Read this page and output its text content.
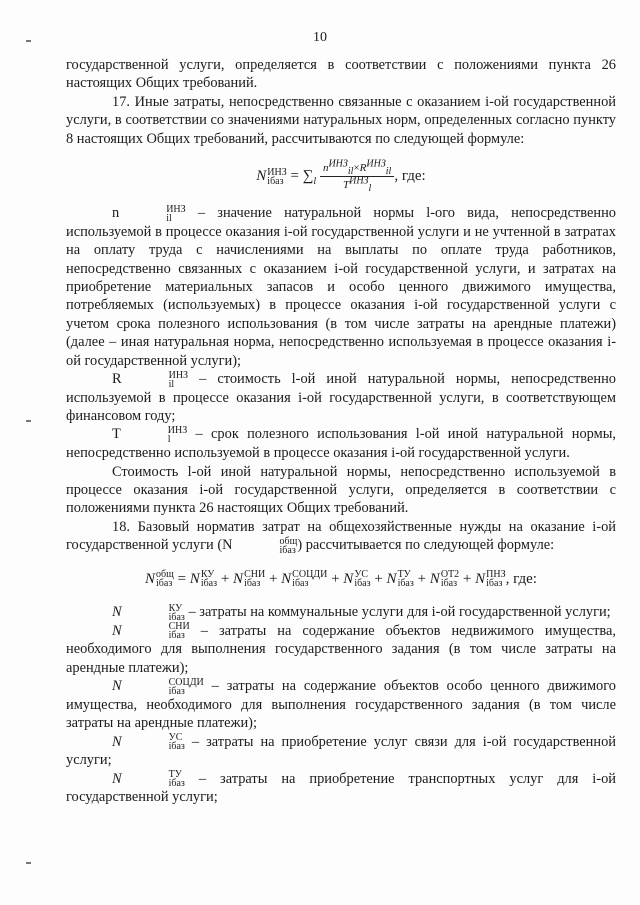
10

государственной услуги, определяется в соответствии с положениями пункта 26 настоящих Общих требований.

17. Иные затраты, непосредственно связанные с оказанием i-ой государственной услуги, в соответствии со значениями натуральных норм, определенных согласно пункту 8 настоящих Общих требований, рассчитываются по следующей формуле:

N ИНЗ
iбаз = $\sum_l \frac{n^{ИНЗ}_{il}\times R^{ИНЗ}_{il}}{T^{ИНЗ}_l}$ , где:

n	ИНЗ
il	– значение натуральной нормы l-ого вида, непосредственно используемой в процессе оказания i-ой государственной услуги и не учтенной в затратах на оплату труда с начислениями на выплаты по оплате труда работников, непосредственно связанных с оказанием i-ой государственной услуги, и затратах на приобретение материальных запасов и особо ценного движимого имущества, потребляемых (используемых) в процессе оказания i-ой государственной услуги с учетом срока полезного использования (в том числе затраты на арендные платежи) (далее – иная натуральная норма, непосредственно используемая в процессе оказания i-ой государственной услуги);

R	ИНЗ
il	– стоимость l-ой иной натуральной нормы, непосредственно используемой в процессе оказания i-ой государственной услуги, в соответствующем финансовом году;

T	ИНЗ
l	– срок полезного использования l-ой иной натуральной нормы, непосредственно используемой в процессе оказания i-ой государственной услуги.

Стоимость l-ой иной натуральной нормы, непосредственно используемой в процессе оказания i-ой государственной услуги, определяется в соответствии с положениями пункта 26 настоящих Общих требований.

18. Базовый норматив затрат на общехозяйственные нужды на оказание i-ой государственной услуги (N	общ
iбаз ) рассчитывается по следующей формуле:

N общ
iбаз = N КУ
iбаз + N СНИ
iбаз + N СОЦДИ
iбаз	+ N УС
iбаз + N ТУ
iбаз + N ОТ2
iбаз + N ПНЗ
iбаз , где:

N	КУ
iбаз – затраты на коммунальные услуги для i-ой государственной услуги;

N	СНИ
iбаз	– затраты на содержание объектов недвижимого имущества, необходимого для выполнения государственного задания (в том числе затраты на арендные платежи);

N	СОЦДИ
iбаз	– затраты на содержание объектов особо ценного движимого имущества, необходимого для выполнения государственного задания (в том числе затраты на арендные платежи);

N	УС
iбаз – затраты на приобретение услуг связи для i-ой государственной услуги;

N	ТУ
iбаз – затраты на приобретение транспортных услуг для i-ой государственной услуги;
